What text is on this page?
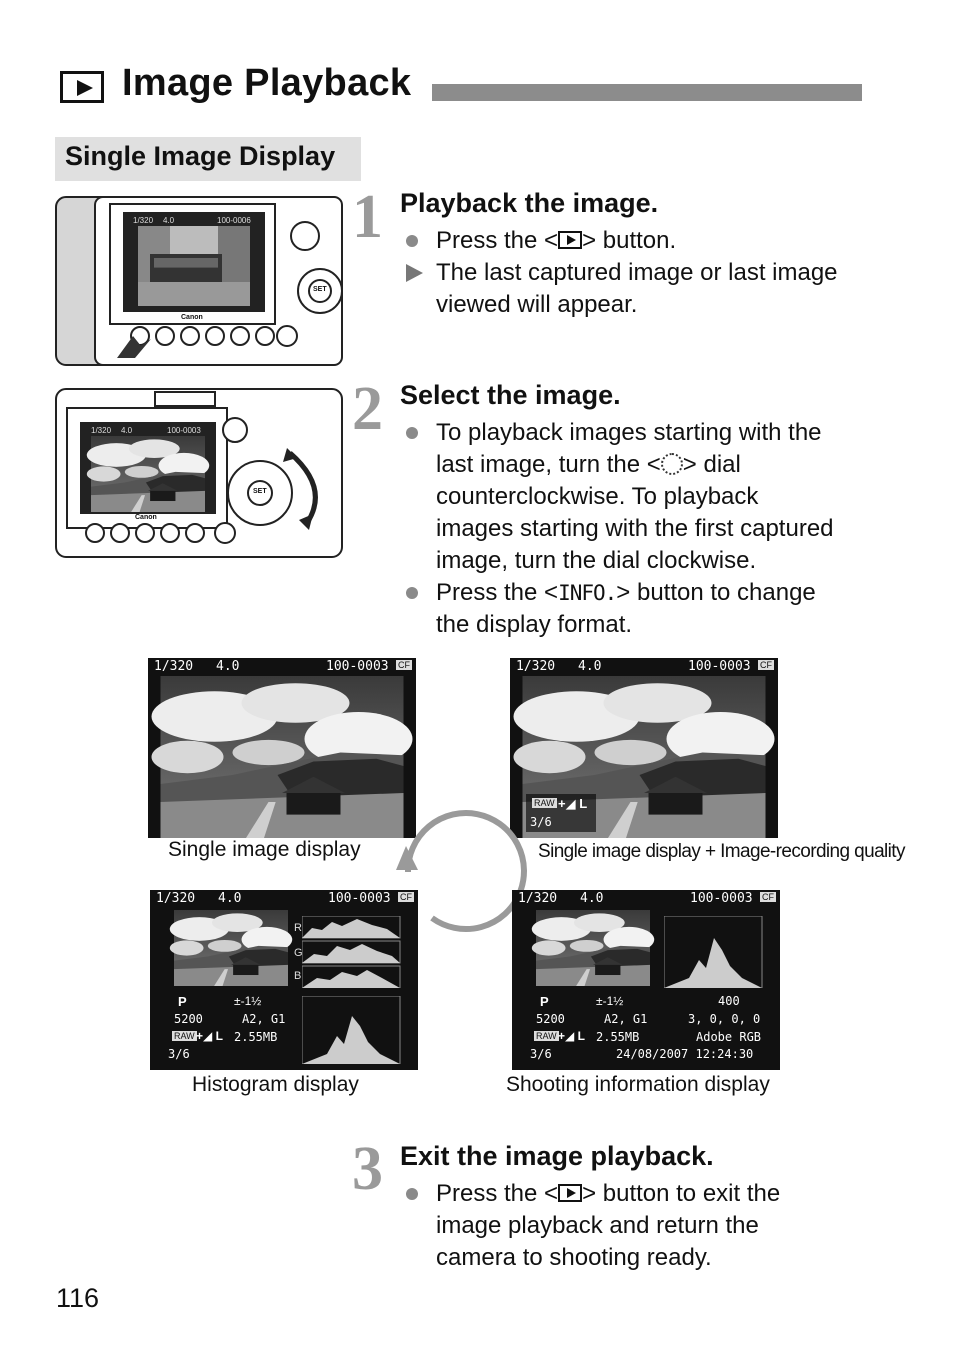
Image Playback
Single Image Display
1/320 4.0	100-0006
Canon
SET
1/320 4.0	100-0003
Canon
SET
1 Playback the image.
Press the < > button.
The last captured image or last image
viewed will appear.
2 Select the image.
To playback images starting with the
last image, turn the < > dial
counterclockwise. To playback
images starting with the first captured
image, turn the dial clockwise.
Press the <INFO.> button to change
the display format.
1/320 4.0	100-0003 CF	1/320 4.0	100-0003 CF
RAW +◢ L
3/6
Single image display	Single image display + Image-recording quality
1/320 4.0	100-0003 CF
R
G
B
P	±-1½
5200	A2, G1
RAW +◢ L 2.55MB
3/6
1/320 4.0	100-0003 CF
P	±-1½	400
5200	A2, G1	3, 0, 0, 0
RAW +◢ L 2.55MB	Adobe RGB
3/6	24/08/2007 12:24:30
Histogram display	Shooting information display
3 Exit the image playback.
Press the < > button to exit the
image playback and return the
camera to shooting ready.
116
